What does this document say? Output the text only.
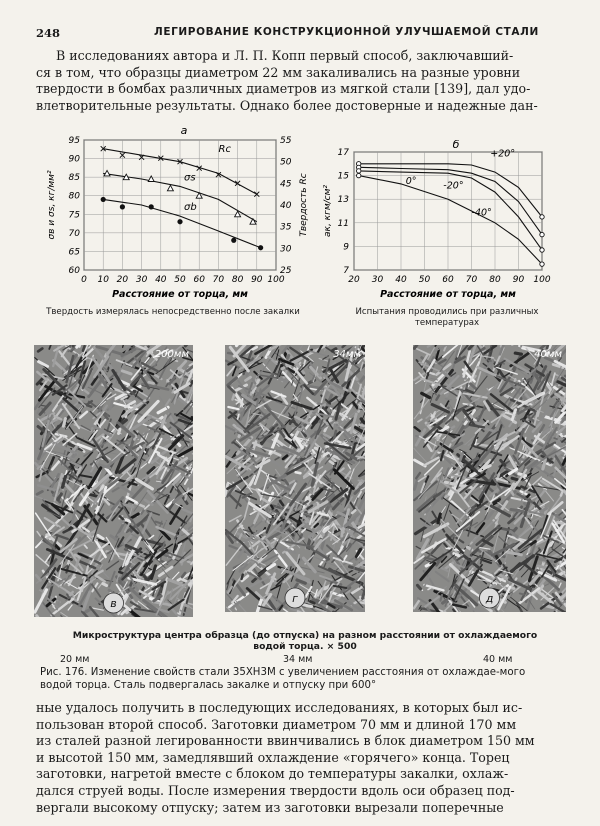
248	ЛЕГИРОВАНИЕ КОНСТРУКЦИОННОЙ УЛУЧШАЕМОЙ СТАЛИ

В исследованиях автора и Л. П. Копп первый способ, заключавший-

ся в том, что образцы диаметром 22 мм закаливались на разные уровни

твердости в бомбах различных диаметров из мягкой стали [139], дал удо-

влетворительные результаты. Однако более достоверные и надежные дан-

а
0 10 20 30 40 50 60 70 80 90 100
95
90
85
80
75
70
65
60
55
50
45
40
35
30
25
Расстояние от торца, мм
σв и σs, кг/мм²	Твердость Rc
Rc
σs
σb
Твердость измерялась непосредственно после закалки
б
20 30 40 50 60 70 80 90 100
17
15
13
11
9
7
Расстояние от торца, мм
aк, кгм/см²
+20°
0°	-20°
-40°
Испытания проводились при различных температурах
200мм
в
34мм
г
40мм
д
Микроструктура центра образца (до отпуска) на разном расстоянии от охлаждаемого водой торца. × 500
20 мм	34 мм	40 мм
Рис. 176. Изменение свойств стали 35ХН3М с увеличением расстояния от охлаждае-мого водой торца. Сталь подвергалась закалке и отпуску при 600°

ные удалось получить в последующих исследованиях, в которых был ис-

пользован второй способ. Заготовки диаметром 70 мм и длиной 170 мм

из сталей разной легированности ввинчивались в блок диаметром 150 мм

и высотой 150 мм, замедлявший охлаждение «горячего» конца. Торец

заготовки, нагретой вместе с блоком до температуры закалки, охлаж-

дался струей воды. После измерения твердости вдоль оси образец под-

вергали высокому отпуску; затем из заготовки вырезали поперечные
